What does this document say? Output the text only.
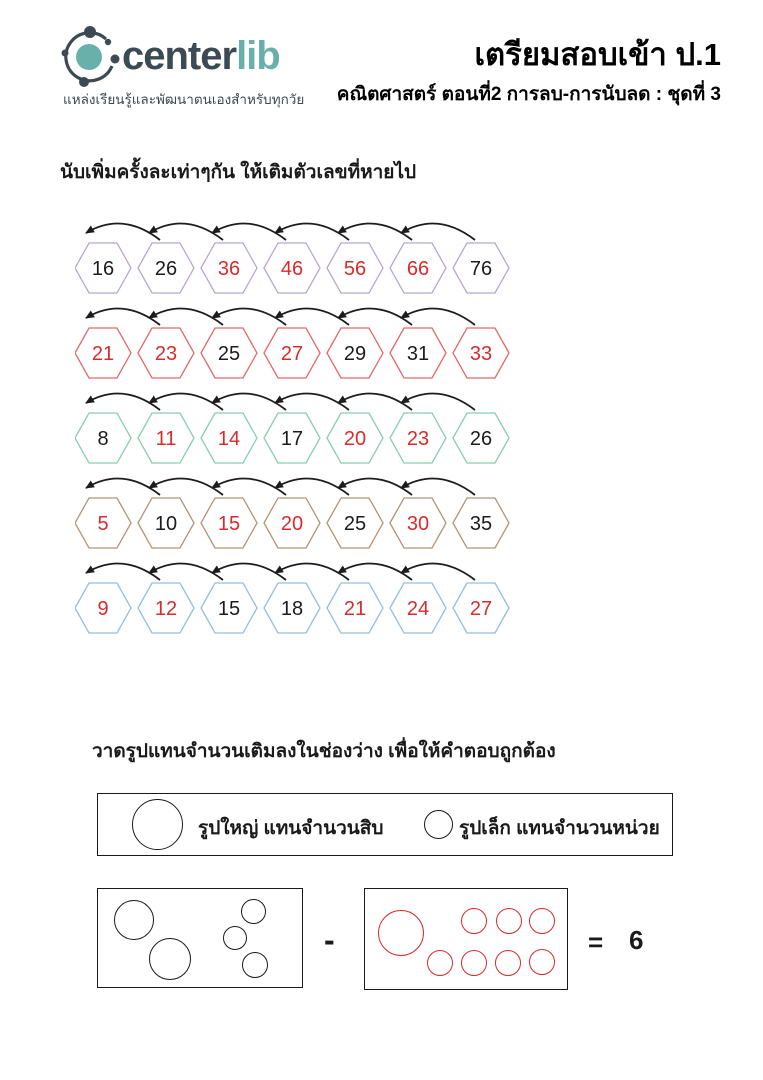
centerlib
แหล่งเรียนรู้และพัฒนาตนเองสำหรับทุกวัย
เตรียมสอบเข้า ป.1
คณิตศาสตร์ ตอนที่2 การลบ-การนับลด : ชุดที่ 3
นับเพิ่มครั้งละเท่าๆกัน ให้เติมตัวเลขที่หายไป
16 26 36 46 56 66 76
21 23 25 27 29 31 33
8 11 14 17 20 23 26
5 10 15 20 25 30 35
9 12 15 18 21 24 27
วาดรูปแทนจำนวนเติมลงในช่องว่าง เพื่อให้คำตอบถูกต้อง
รูปใหญ่ แทนจำนวนสิบ	รูปเล็ก แทนจำนวนหน่วย
-	= 6
